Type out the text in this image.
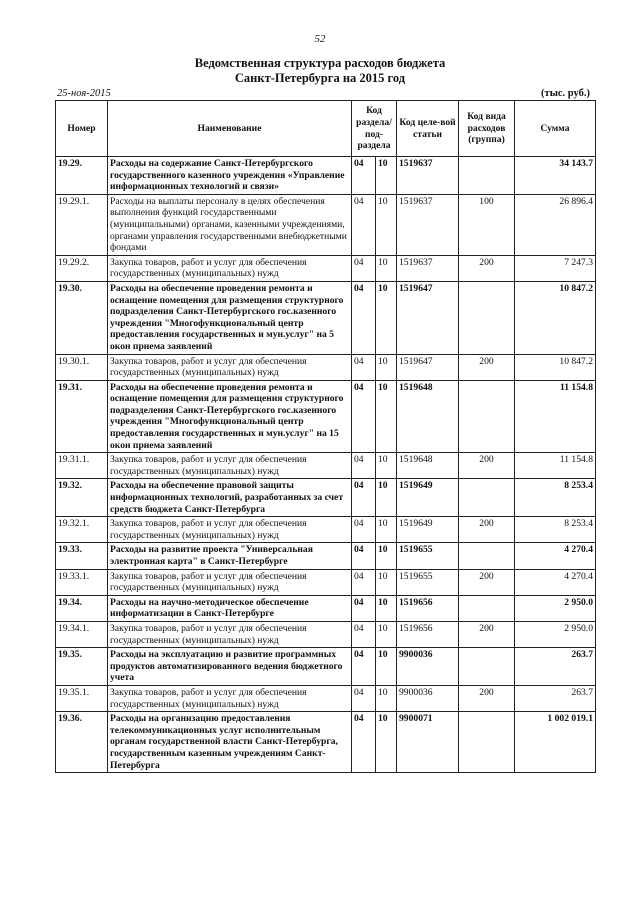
52
Ведомственная структура расходов бюджета
Санкт-Петербурга на 2015 год
25-ноя-2015	(тыс. руб.)
Номер	Наименование	Код раздела/ под-раздела		Код целе-вой статьи	Код вида расходов (группа)	Сумма
19.29.	Расходы на содержание Санкт-Петербургского государственного казенного учреждения «Управление информационных технологий и связи»	04	10	1519637		34 143.7
19.29.1.	Расходы на выплаты персоналу в целях обеспечения выполнения функций государственными (муниципальными) органами, казенными учреждениями, органами управления государственными внебюджетными фондами	04	10	1519637	100	26 896.4
19.29.2.	Закупка товаров, работ и услуг для обеспечения государственных (муниципальных) нужд	04	10	1519637	200	7 247.3
19.30.	Расходы на обеспечение проведения ремонта и оснащение помещения для размещения структурного подразделения Санкт-Петербургского гос.казенного учреждения "Многофункциональный центр предоставления государственных и мун.услуг" на 5 окон приема заявлений	04	10	1519647		10 847.2
19.30.1.	Закупка товаров, работ и услуг для обеспечения государственных (муниципальных) нужд	04	10	1519647	200	10 847.2
19.31.	Расходы на обеспечение проведения ремонта и оснащение помещения для размещения структурного подразделения Санкт-Петербургского гос.казенного учреждения "Многофункциональный центр предоставления государственных и мун.услуг" на 15 окон приема заявлений	04	10	1519648		11 154.8
19.31.1.	Закупка товаров, работ и услуг для обеспечения государственных (муниципальных) нужд	04	10	1519648	200	11 154.8
19.32.	Расходы на обеспечение правовой защиты информационных технологий, разработанных за счет средств бюджета Санкт-Петербурга	04	10	1519649		8 253.4
19.32.1.	Закупка товаров, работ и услуг для обеспечения государственных (муниципальных) нужд	04	10	1519649	200	8 253.4
19.33.	Расходы на развитие проекта "Универсальная электронная карта" в Санкт-Петербурге	04	10	1519655		4 270.4
19.33.1.	Закупка товаров, работ и услуг для обеспечения государственных (муниципальных) нужд	04	10	1519655	200	4 270.4
19.34.	Расходы на научно-методическое обеспечение информатизации в Санкт-Петербурге	04	10	1519656		2 950.0
19.34.1.	Закупка товаров, работ и услуг для обеспечения государственных (муниципальных) нужд	04	10	1519656	200	2 950.0
19.35.	Расходы на эксплуатацию и развитие программных продуктов автоматизированного ведения бюджетного учета	04	10	9900036		263.7
19.35.1.	Закупка товаров, работ и услуг для обеспечения государственных (муниципальных) нужд	04	10	9900036	200	263.7
19.36.	Расходы на организацию предоставления телекоммуникационных услуг исполнительным органам государственной власти Санкт-Петербурга, государственным казенным учреждениям Санкт-Петербурга	04	10	9900071		1 002 019.1
